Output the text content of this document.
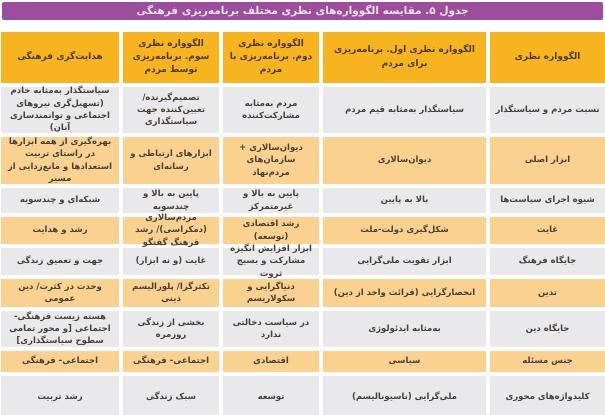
جدول ۵. مقایسه الگوواره‌های نظری مختلف برنامه‌ریزی فرهنگی
الگوواره نظری
الگوواره نظری اول. برنامه‌ریزی برای مردم
الگوواره نظری دوم. برنامه‌ریزی با مردم
الگوواره نظری سوم. برنامه‌ریزی توسط مردم
هدایت‌گری فرهنگی
نسبت مردم و سیاستگذار
سیاستگذار به‌مثابه قیم مردم
مردم به‌مثابه مشارکت‌کننده
تصمیم‌گیرنده/ تعیین‌کننده جهت سیاستگذاری
سیاستگذار به‌مثابه خادم (تسهیل‌گری نیروهای اجتماعی و توانمندسازی آنان)
ابزار اصلی
دیوان‌سالاری
دیوان‌سالاری + سازمان‌های مردم‌نهاد
ابزارهای ارتباطی و رسانه‌ای
بهره‌گیری از همه ابزارها در راستای تربیت استعدادها و مانع‌زدایی از مسیر
شیوه اجرای سیاست‌ها
بالا به پایین
پایین به بالا و غیرمتمرکز
پایین به بالا و چندسویه
شبکه‌ای و چندسویه
غایت
شکل‌گیری دولت-ملت
رشد اقتصادی (توسعه)
مردم‌سالاری (دمکراسی)/ رشد فرهنگ گفتگو
رشد و هدایت
جایگاه فرهنگ
ابزار تقویت ملی‌گرایی
ابزار افزایش انگیزه مشارکت و بسیج ثروت
غایت (و نه ابزار)
جهت و تعمیق زندگی
تدین
انحصارگرایی (قرائت واحد از دین)
دنیاگرایی و سکولاریسم
تکثرگرا/ پلورالیسم دینی
وحدت در کثرت/ دین عمومی
جایگاه دین
به‌مثابه ایدئولوژی
در سیاست دخالتی ندارد
بخشی از زندگی روزمره
هسته زیست فرهنگی- اجتماعی [و محور تمامی سطوح سیاستگذاری]
جنس مسئله
سیاسی
اقتصادی
اجتماعی- فرهنگی
اجتماعی- فرهنگی
کلیدواژه‌های محوری
ملی‌گرایی (ناسیونالیسم)
توسعه
سبک زندگی
رشد تربیت
